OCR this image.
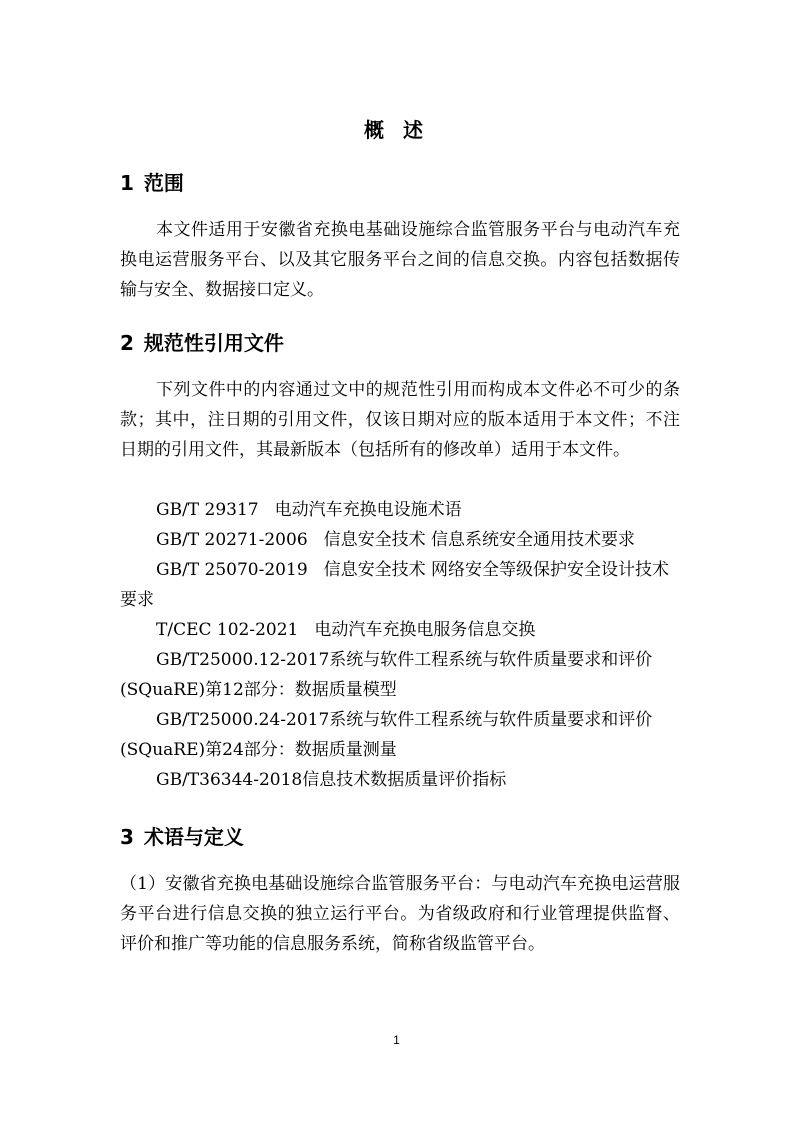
概 述
1 范围

本文件适用于安徽省充换电基础设施综合监管服务平台与电动汽车充换电运营服务平台、以及其它服务平台之间的信息交换。内容包括数据传输与安全、数据接口定义。

2 规范性引用文件

下列文件中的内容通过文中的规范性引用而构成本文件必不可少的条款；其中，注日期的引用文件，仅该日期对应的版本适用于本文件；不注日期的引用文件，其最新版本（包括所有的修改单）适用于本文件。

GB/T 29317 电动汽车充换电设施术语

GB/T 20271-2006 信息安全技术 信息系统安全通用技术要求

GB/T 25070-2019 信息安全技术 网络安全等级保护安全设计技术要求

T/CEC 102-2021 电动汽车充换电服务信息交换

GB/T25000.12-2017系统与软件工程系统与软件质量要求和评价(SQuaRE)第12部分：数据质量模型

GB/T25000.24-2017系统与软件工程系统与软件质量要求和评价(SQuaRE)第24部分：数据质量测量

GB/T36344-2018信息技术数据质量评价指标

3 术语与定义

（1）安徽省充换电基础设施综合监管服务平台：与电动汽车充换电运营服务平台进行信息交换的独立运行平台。为省级政府和行业管理提供监督、评价和推广等功能的信息服务系统，简称省级监管平台。

1
